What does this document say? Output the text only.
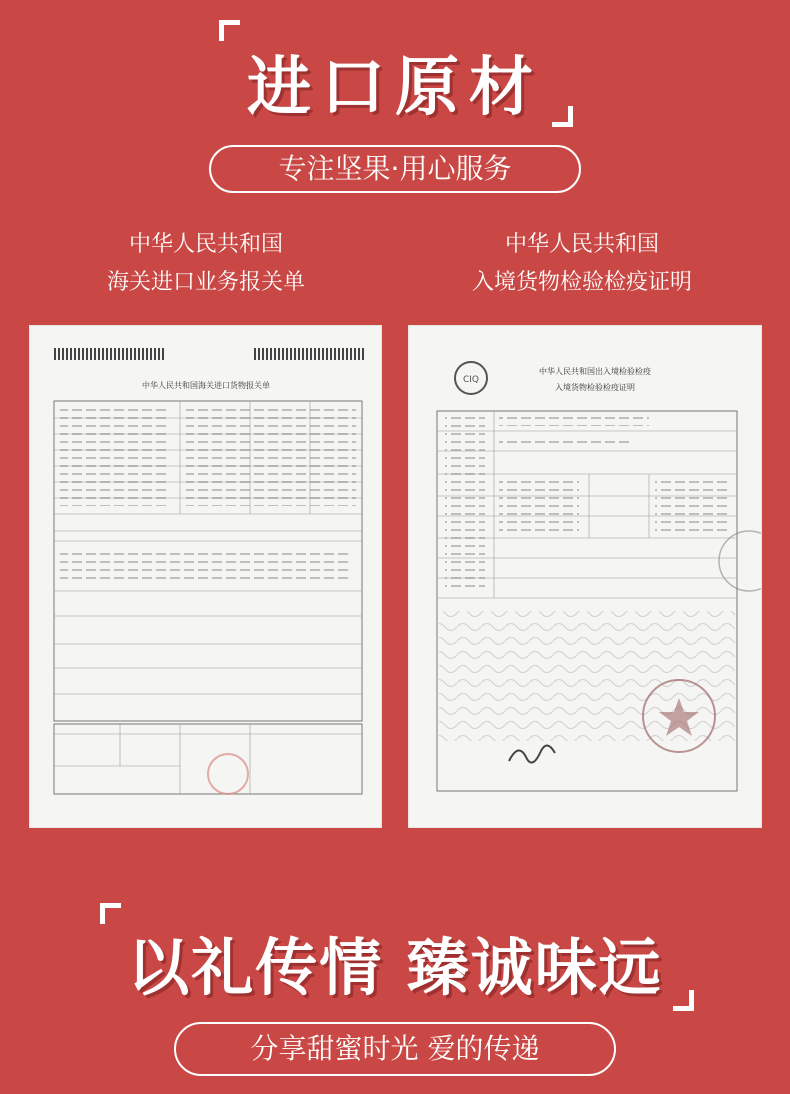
进口原材
专注坚果·用心服务
中华人民共和国
海关进口业务报关单
中华人民共和国
入境货物检验检疫证明
中华人民共和国海关进口货物报关单
CIQ
中华人民共和国出入境检验检疫
入境货物检验检疫证明
以礼传情 臻诚味远
分享甜蜜时光 爱的传递
